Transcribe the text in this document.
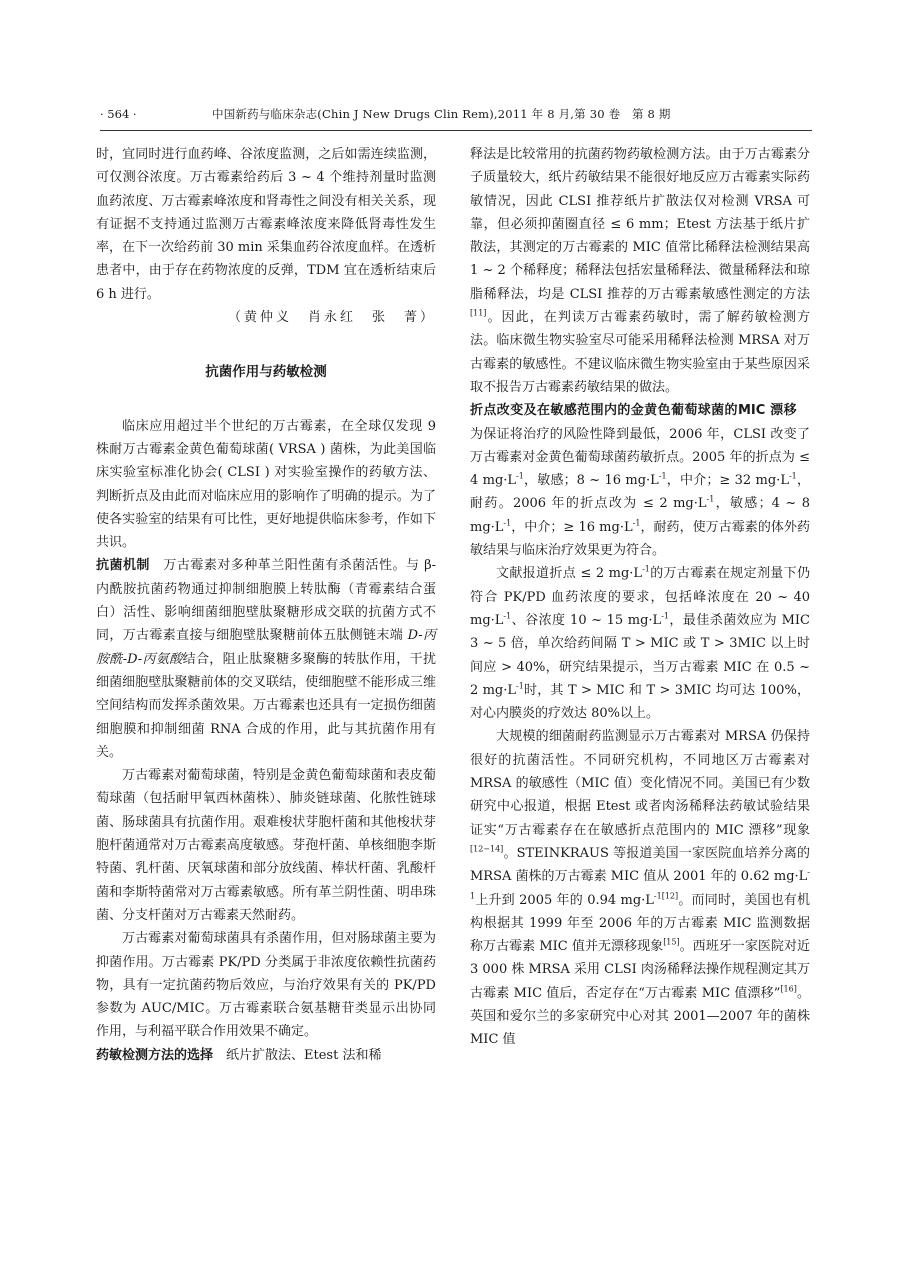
· 564 ·	中国新药与临床杂志(Chin J New Drugs Clin Rem),2011 年 8 月,第 30 卷　第 8 期

时，宜同时进行血药峰、谷浓度监测，之后如需连续监测，可仅测谷浓度。万古霉素给药后 3 ~ 4 个维持剂量时监测血药浓度、万古霉素峰浓度和肾毒性之间没有相关关系，现有证据不支持通过监测万古霉素峰浓度来降低肾毒性发生率，在下一次给药前 30 min 采集血药谷浓度血样。在透析患者中，由于存在药物浓度的反弹，TDM 宜在透析结束后 6 h 进行。

（黄仲义　肖永红　张　菁）

抗菌作用与药敏检测

临床应用超过半个世纪的万古霉素，在全球仅发现 9 株耐万古霉素金黄色葡萄球菌( VRSA ) 菌株，为此美国临床实验室标准化协会( CLSI ) 对实验室操作的药敏方法、判断折点及由此而对临床应用的影响作了明确的提示。为了使各实验室的结果有可比性，更好地提供临床参考，作如下共识。

抗菌机制　万古霉素对多种革兰阳性菌有杀菌活性。与 β-内酰胺抗菌药物通过抑制细胞膜上转肽酶（青霉素结合蛋白）活性、影响细菌细胞壁肽聚糖形成交联的抗菌方式不同，万古霉素直接与细胞壁肽聚糖前体五肽侧链末端 D-丙胺酰-D-丙氨酸结合，阻止肽聚糖多聚酶的转肽作用，干扰细菌细胞壁肽聚糖前体的交叉联结，使细胞壁不能形成三维空间结构而发挥杀菌效果。万古霉素也还具有一定损伤细菌细胞膜和抑制细菌 RNA 合成的作用，此与其抗菌作用有关。

万古霉素对葡萄球菌，特别是金黄色葡萄球菌和表皮葡萄球菌（包括耐甲氧西林菌株）、肺炎链球菌、化脓性链球菌、肠球菌具有抗菌作用。艰难梭状芽胞杆菌和其他梭状芽胞杆菌通常对万古霉素高度敏感。芽孢杆菌、单核细胞李斯特菌、乳杆菌、厌氧球菌和部分放线菌、棒状杆菌、乳酸杆菌和李斯特菌常对万古霉素敏感。所有革兰阴性菌、明串珠菌、分支杆菌对万古霉素天然耐药。

万古霉素对葡萄球菌具有杀菌作用，但对肠球菌主要为抑菌作用。万古霉素 PK/PD 分类属于非浓度依赖性抗菌药物，具有一定抗菌药物后效应，与治疗效果有关的 PK/PD 参数为 AUC/MIC。万古霉素联合氨基糖苷类显示出协同作用，与利福平联合作用效果不确定。

药敏检测方法的选择　纸片扩散法、Etest 法和稀

释法是比较常用的抗菌药物药敏检测方法。由于万古霉素分子质量较大，纸片药敏结果不能很好地反应万古霉素实际药敏情况，因此 CLSI 推荐纸片扩散法仅对检测 VRSA 可靠，但必须抑菌圈直径 ≤ 6 mm；Etest 方法基于纸片扩散法，其测定的万古霉素的 MIC 值常比稀释法检测结果高 1 ~ 2 个稀释度；稀释法包括宏量稀释法、微量稀释法和琼脂稀释法，均是 CLSI 推荐的万古霉素敏感性测定的方法[11]。因此，在判读万古霉素药敏时，需了解药敏检测方法。临床微生物实验室尽可能采用稀释法检测 MRSA 对万古霉素的敏感性。不建议临床微生物实验室由于某些原因采取不报告万古霉素药敏结果的做法。

折点改变及在敏感范围内的金黄色葡萄球菌的MIC 漂移　为保证将治疗的风险性降到最低，2006 年，CLSI 改变了万古霉素对金黄色葡萄球菌药敏折点。2005 年的折点为 ≤ 4 $mg\cdot L^{-1}$，敏感；8 ~ 16 $mg\cdot L^{-1}$，中介；≥ 32 $mg\cdot L^{-1}$，耐药。2006 年的折点改为 ≤ 2 $mg\cdot L^{-1}$，敏感；4 ~ 8 $mg\cdot L^{-1}$，中介；≥ 16 $mg\cdot L^{-1}$，耐药，使万古霉素的体外药敏结果与临床治疗效果更为符合。

文献报道折点 ≤ 2 $mg\cdot L^{-1}$的万古霉素在规定剂量下仍符合 PK/PD 血药浓度的要求，包括峰浓度在 20 ~ 40 $mg\cdot L^{-1}$、谷浓度 10 ~ 15 $mg\cdot L^{-1}$，最佳杀菌效应为 MIC 3 ~ 5 倍，单次给药间隔 T > MIC 或 T > 3MIC 以上时间应 > 40%，研究结果提示，当万古霉素 MIC 在 0.5 ~ 2 $mg\cdot L^{-1}$时，其 T > MIC 和 T > 3MIC 均可达 100%，对心内膜炎的疗效达 80%以上。

大规模的细菌耐药监测显示万古霉素对 MRSA 仍保持很好的抗菌活性。不同研究机构，不同地区万古霉素对 MRSA 的敏感性（MIC 值）变化情况不同。美国已有少数研究中心报道，根据 Etest 或者肉汤稀释法药敏试验结果证实“万古霉素存在在敏感折点范围内的 MIC 漂移”现象[12−14]。STEINKRAUS 等报道美国一家医院血培养分离的 MRSA 菌株的万古霉素 MIC 值从 2001 年的 0.62 $mg\cdot L^{-1}$上升到 2005 年的 0.94 $mg\cdot L^{-1[12]}$。而同时，美国也有机构根据其 1999 年至 2006 年的万古霉素 MIC 监测数据称万古霉素 MIC 值并无漂移现象[15]。西班牙一家医院对近 3 000 株 MRSA 采用 CLSI 肉汤稀释法操作规程测定其万古霉素 MIC 值后，否定存在“万古霉素 MIC 值漂移”[16]。英国和爱尔兰的多家研究中心对其 2001—2007 年的菌株 MIC 值
